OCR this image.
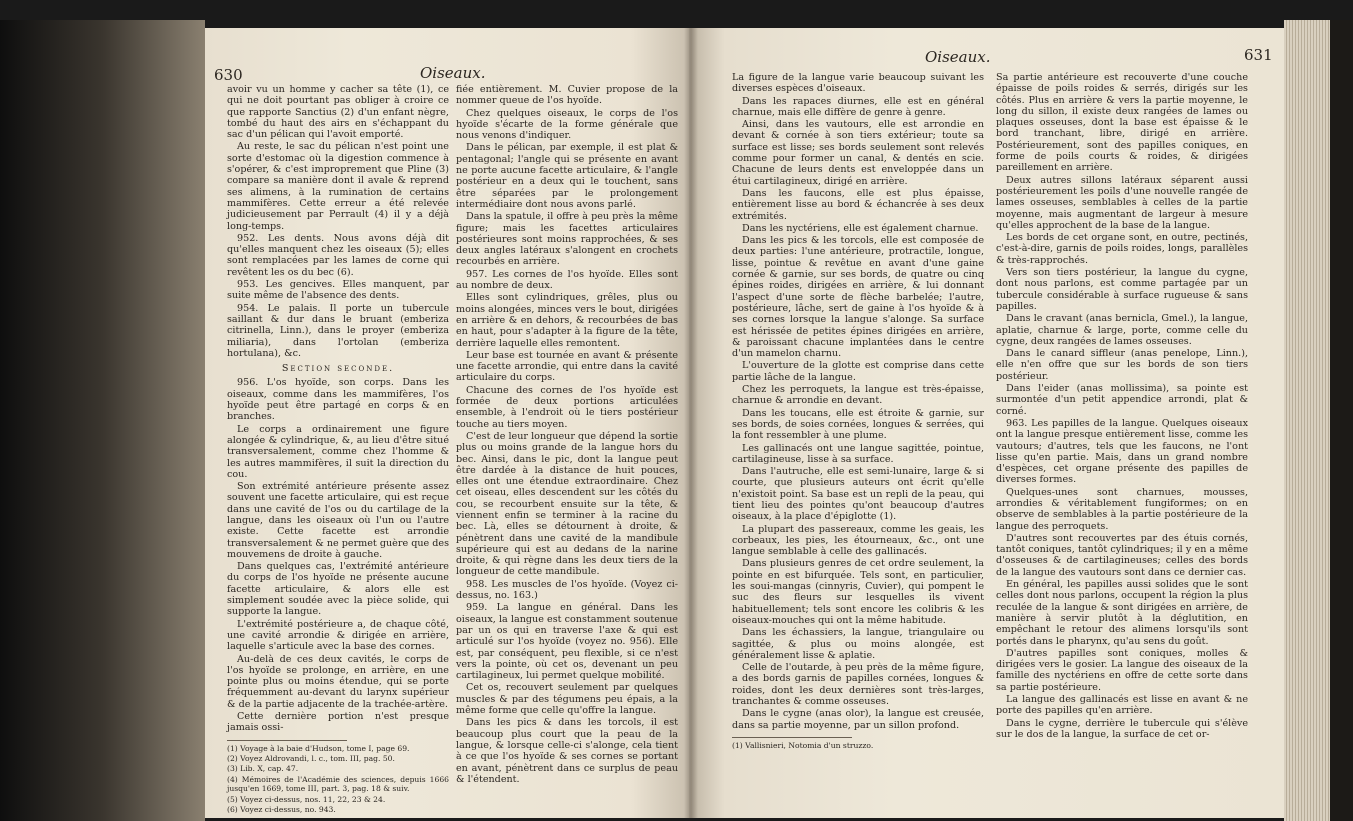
630	Oiseaux.

avoir vu un homme y cacher sa tête (1), ce qui ne doit pourtant pas obliger à croire ce que rapporte Sanctius (2) d'un enfant nègre, tombé du haut des airs en s'échappant du sac d'un pélican qui l'avoit emporté.

Au reste, le sac du pélican n'est point une sorte d'estomac où la digestion commence à s'opérer, & c'est improprement que Pline (3) compare sa manière dont il avale & reprend ses alimens, à la rumination de certains mammifères. Cette erreur a été relevée judicieusement par Perrault (4) il y a déjà long-temps.

952. Les dents. Nous avons déjà dit qu'elles manquent chez les oiseaux (5); elles sont remplacées par les lames de corne qui revêtent les os du bec (6).

953. Les gencives. Elles manquent, par suite même de l'absence des dents.

954. Le palais. Il porte un tubercule saillant & dur dans le bruant (emberiza citrinella, Linn.), dans le proyer (emberiza miliaria), dans l'ortolan (emberiza hortulana), &c.

Section seconde.

956. L'os hyoïde, son corps. Dans les oiseaux, comme dans les mammifères, l'os hyoïde peut être partagé en corps & en branches.

Le corps a ordinairement une figure alongée & cylindrique, &, au lieu d'être situé transversalement, comme chez l'homme & les autres mammifères, il suit la direction du cou.

Son extrémité antérieure présente assez souvent une facette articulaire, qui est reçue dans une cavité de l'os ou du cartilage de la langue, dans les oiseaux où l'un ou l'autre existe. Cette facette est arrondie transversalement & ne permet guère que des mouvemens de droite à gauche.

Dans quelques cas, l'extrémité antérieure du corps de l'os hyoïde ne présente aucune facette articulaire, & alors elle est simplement soudée avec la pièce solide, qui supporte la langue.

L'extrémité postérieure a, de chaque côté, une cavité arrondie & dirigée en arrière, laquelle s'articule avec la base des cornes.

Au-delà de ces deux cavités, le corps de l'os hyoïde se prolonge, en arrière, en une pointe plus ou moins étendue, qui se porte fréquemment au-devant du larynx supérieur & de la partie adjacente de la trachée-artère.

Cette dernière portion n'est presque jamais ossi-

(1) Voyage à la baie d'Hudson, tome I, page 69.

(2) Voyez Aldrovandi, l. c., tom. III, pag. 50.

(3) Lib. X, cap. 47.

(4) Mémoires de l'Académie des sciences, depuis 1666 jusqu'en 1669, tome III, part. 3, pag. 18 & suiv.

(5) Voyez ci-dessus, nos. 11, 22, 23 & 24.

(6) Voyez ci-dessus, no. 943.

fiée entièrement. M. Cuvier propose de la nommer queue de l'os hyoïde.

Chez quelques oiseaux, le corps de l'os hyoïde s'écarte de la forme générale que nous venons d'indiquer.

Dans le pélican, par exemple, il est plat & pentagonal; l'angle qui se présente en avant ne porte aucune facette articulaire, & l'angle postérieur en a deux qui le touchent, sans être séparées par le prolongement intermédiaire dont nous avons parlé.

Dans la spatule, il offre à peu près la même figure; mais les facettes articulaires postérieures sont moins rapprochées, & ses deux angles latéraux s'alongent en crochets recourbés en arrière.

957. Les cornes de l'os hyoïde. Elles sont au nombre de deux.

Elles sont cylindriques, grêles, plus ou moins alongées, minces vers le bout, dirigées en arrière & en dehors, & recourbées de bas en haut, pour s'adapter à la figure de la tête, derrière laquelle elles remontent.

Leur base est tournée en avant & présente une facette arrondie, qui entre dans la cavité articulaire du corps.

Chacune des cornes de l'os hyoïde est formée de deux portions articulées ensemble, à l'endroit où le tiers postérieur touche au tiers moyen.

C'est de leur longueur que dépend la sortie plus ou moins grande de la langue hors du bec. Ainsi, dans le pic, dont la langue peut être dardée à la distance de huit pouces, elles ont une étendue extraordinaire. Chez cet oiseau, elles descendent sur les côtés du cou, se recourbent ensuite sur la tête, & viennent enfin se terminer à la racine du bec. Là, elles se détournent à droite, & pénètrent dans une cavité de la mandibule supérieure qui est au dedans de la narine droite, & qui règne dans les deux tiers de la longueur de cette mandibule.

958. Les muscles de l'os hyoïde. (Voyez ci-dessus, no. 163.)

959. La langue en général. Dans les oiseaux, la langue est constamment soutenue par un os qui en traverse l'axe & qui est articulé sur l'os hyoïde (voyez no. 956). Elle est, par conséquent, peu flexible, si ce n'est vers la pointe, où cet os, devenant un peu cartilagineux, lui permet quelque mobilité.

Cet os, recouvert seulement par quelques muscles & par des tégumens peu épais, a la même forme que celle qu'offre la langue.

Dans les pics & dans les torcols, il est beaucoup plus court que la peau de la langue, & lorsque celle-ci s'alonge, cela tient à ce que l'os hyoïde & ses cornes se portant en avant, pénètrent dans ce surplus de peau & l'étendent.

Oiseaux.	631

La figure de la langue varie beaucoup suivant les diverses espèces d'oiseaux.

Dans les rapaces diurnes, elle est en général charnue, mais elle diffère de genre à genre.

Ainsi, dans les vautours, elle est arrondie en devant & cornée à son tiers extérieur; toute sa surface est lisse; ses bords seulement sont relevés comme pour former un canal, & dentés en scie. Chacune de leurs dents est enveloppée dans un étui cartilagineux, dirigé en arrière.

Dans les faucons, elle est plus épaisse, entièrement lisse au bord & échancrée à ses deux extrémités.

Dans les nyctériens, elle est également charnue.

Dans les pics & les torcols, elle est composée de deux parties: l'une antérieure, protractile, longue, lisse, pointue & revêtue en avant d'une gaine cornée & garnie, sur ses bords, de quatre ou cinq épines roides, dirigées en arrière, & lui donnant l'aspect d'une sorte de flèche barbelée; l'autre, postérieure, lâche, sert de gaine à l'os hyoïde & à ses cornes lorsque la langue s'alonge. Sa surface est hérissée de petites épines dirigées en arrière, & paroissant chacune implantées dans le centre d'un mamelon charnu.

L'ouverture de la glotte est comprise dans cette partie lâche de la langue.

Chez les perroquets, la langue est très-épaisse, charnue & arrondie en devant.

Dans les toucans, elle est étroite & garnie, sur ses bords, de soies cornées, longues & serrées, qui la font ressembler à une plume.

Les gallinacés ont une langue sagittée, pointue, cartilagineuse, lisse à sa surface.

Dans l'autruche, elle est semi-lunaire, large & si courte, que plusieurs auteurs ont écrit qu'elle n'existoit point. Sa base est un repli de la peau, qui tient lieu des pointes qu'ont beaucoup d'autres oiseaux, à la place d'épiglotte (1).

La plupart des passereaux, comme les geais, les corbeaux, les pies, les étourneaux, &c., ont une langue semblable à celle des gallinacés.

Dans plusieurs genres de cet ordre seulement, la pointe en est bifurquée. Tels sont, en particulier, les soui-mangas (cinnyris, Cuvier), qui pompent le suc des fleurs sur lesquelles ils vivent habituellement; tels sont encore les colibris & les oiseaux-mouches qui ont la même habitude.

Dans les échassiers, la langue, triangulaire ou sagittée, & plus ou moins alongée, est généralement lisse & aplatie.

Celle de l'outarde, à peu près de la même figure, a des bords garnis de papilles cornées, longues & roides, dont les deux dernières sont très-larges, tranchantes & comme osseuses.

Dans le cygne (anas olor), la langue est creusée, dans sa partie moyenne, par un sillon profond.

(1) Vallisnieri, Notomia d'un struzzo.

Sa partie antérieure est recouverte d'une couche épaisse de poils roides & serrés, dirigés sur les côtés. Plus en arrière & vers la partie moyenne, le long du sillon, il existe deux rangées de lames ou plaques osseuses, dont la base est épaisse & le bord tranchant, libre, dirigé en arrière. Postérieurement, sont des papilles coniques, en forme de poils courts & roides, & dirigées pareillement en arrière.

Deux autres sillons latéraux séparent aussi postérieurement les poils d'une nouvelle rangée de lames osseuses, semblables à celles de la partie moyenne, mais augmentant de largeur à mesure qu'elles approchent de la base de la langue.

Les bords de cet organe sont, en outre, pectinés, c'est-à-dire, garnis de poils roides, longs, parallèles & très-rapprochés.

Vers son tiers postérieur, la langue du cygne, dont nous parlons, est comme partagée par un tubercule considérable à surface rugueuse & sans papilles.

Dans le cravant (anas bernicla, Gmel.), la langue, aplatie, charnue & large, porte, comme celle du cygne, deux rangées de lames osseuses.

Dans le canard siffleur (anas penelope, Linn.), elle n'en offre que sur les bords de son tiers postérieur.

Dans l'eider (anas mollissima), sa pointe est surmontée d'un petit appendice arrondi, plat & corné.

963. Les papilles de la langue. Quelques oiseaux ont la langue presque entièrement lisse, comme les vautours; d'autres, tels que les faucons, ne l'ont lisse qu'en partie. Mais, dans un grand nombre d'espèces, cet organe présente des papilles de diverses formes.

Quelques-unes sont charnues, mousses, arrondies & véritablement fungiformes; on en observe de semblables à la partie postérieure de la langue des perroquets.

D'autres sont recouvertes par des étuis cornés, tantôt coniques, tantôt cylindriques; il y en a même d'osseuses & de cartilagineuses; celles des bords de la langue des vautours sont dans ce dernier cas.

En général, les papilles aussi solides que le sont celles dont nous parlons, occupent la région la plus reculée de la langue & sont dirigées en arrière, de manière à servir plutôt à la déglutition, en empêchant le retour des alimens lorsqu'ils sont portés dans le pharynx, qu'au sens du goût.

D'autres papilles sont coniques, molles & dirigées vers le gosier. La langue des oiseaux de la famille des nyctériens en offre de cette sorte dans sa partie postérieure.

La langue des gallinacés est lisse en avant & ne porte des papilles qu'en arrière.

Dans le cygne, derrière le tubercule qui s'élève sur le dos de la langue, la surface de cet or-
